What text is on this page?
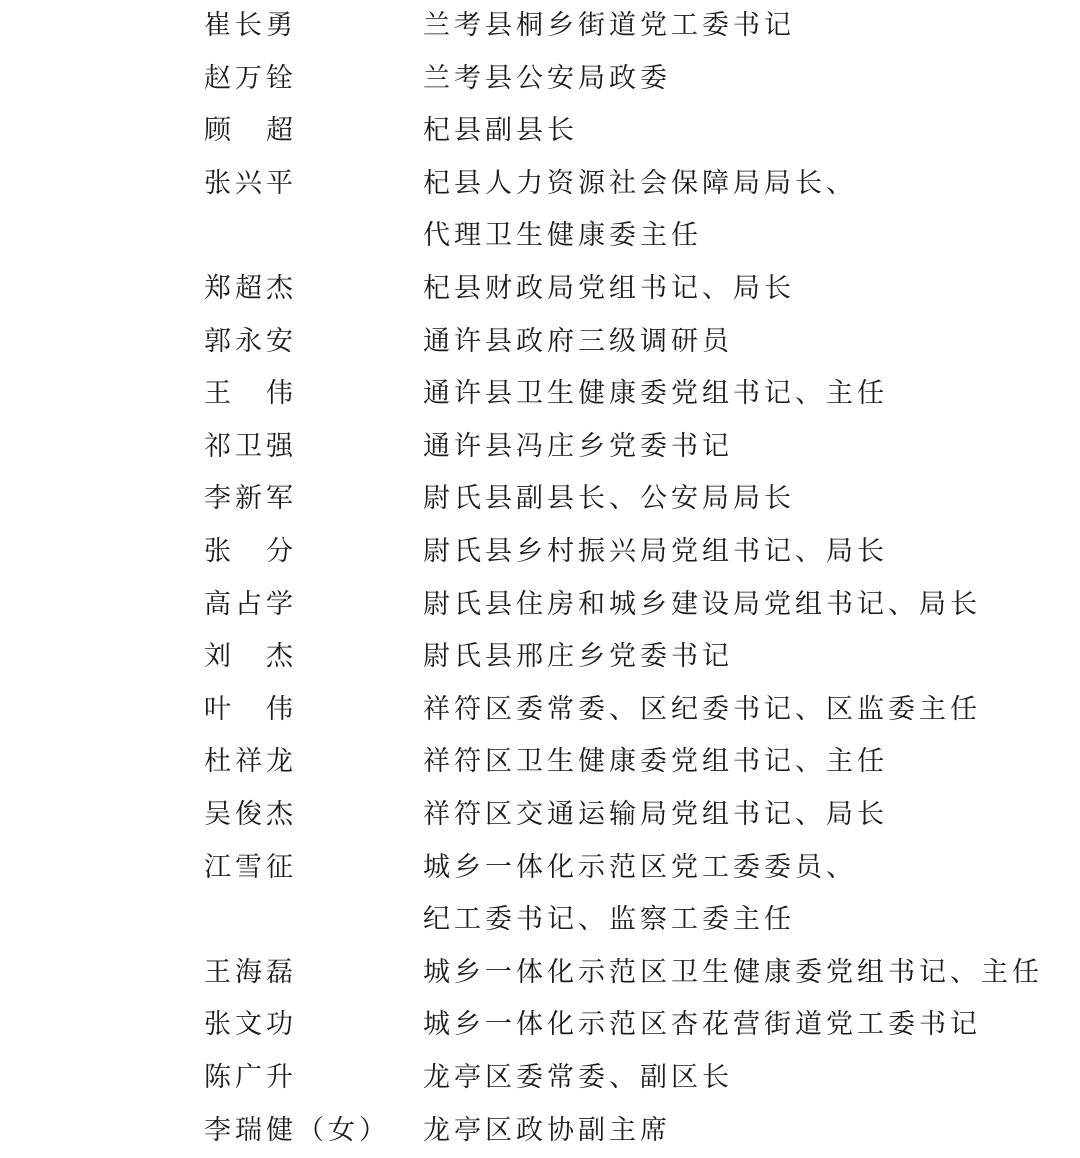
崔长勇	兰考县桐乡街道党工委书记
赵万铨	兰考县公安局政委
顾　超	杞县副县长
张兴平	杞县人力资源社会保障局局长、
代理卫生健康委主任
郑超杰	杞县财政局党组书记、局长
郭永安	通许县政府三级调研员
王　伟	通许县卫生健康委党组书记、主任
祁卫强	通许县冯庄乡党委书记
李新军	尉氏县副县长、公安局局长
张　分	尉氏县乡村振兴局党组书记、局长
高占学	尉氏县住房和城乡建设局党组书记、局长
刘　杰	尉氏县邢庄乡党委书记
叶　伟	祥符区委常委、区纪委书记、区监委主任
杜祥龙	祥符区卫生健康委党组书记、主任
吴俊杰	祥符区交通运输局党组书记、局长
江雪征	城乡一体化示范区党工委委员、
纪工委书记、监察工委主任
王海磊	城乡一体化示范区卫生健康委党组书记、主任
张文功	城乡一体化示范区杏花营街道党工委书记
陈广升	龙亭区委常委、副区长
李瑞健（女） 龙亭区政协副主席
